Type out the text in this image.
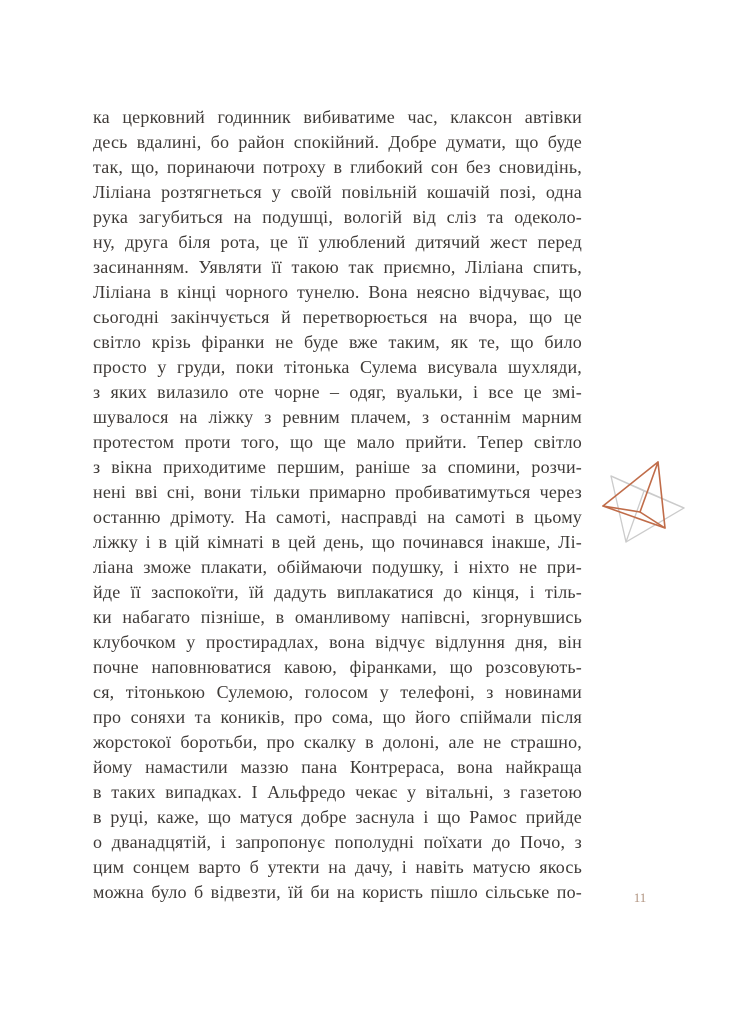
ка церковний годинник вибиватиме час, клаксон автівки
десь вдалині, бо район спокійний. Добре думати, що буде
так, що, поринаючи потроху в глибокий сон без сновидінь,
Ліліана розтягнеться у своїй повільній кошачій позі, одна
рука загубиться на подушці, вологій від сліз та одеколо-
ну, друга біля рота, це її улюблений дитячий жест перед
засинанням. Уявляти її такою так приємно, Ліліана спить,
Ліліана в кінці чорного тунелю. Вона неясно відчуває, що
сьогодні закінчується й перетворюється на вчора, що це
світло крізь фіранки не буде вже таким, як те, що било
просто у груди, поки тітонька Сулема висувала шухляди,
з яких вилазило оте чорне – одяг, вуальки, і все це змі-
шувалося на ліжку з ревним плачем, з останнім марним
протестом проти того, що ще мало прийти. Тепер світло
з вікна приходитиме першим, раніше за спомини, розчи-
нені вві сні, вони тільки примарно пробиватимуться через
останню дрімоту. На самоті, насправді на самоті в цьому
ліжку і в цій кімнаті в цей день, що починався інакше, Лі-
ліана зможе плакати, обіймаючи подушку, і ніхто не при-
йде її заспокоїти, їй дадуть виплакатися до кінця, і тіль-
ки набагато пізніше, в оманливому напівсні, згорнувшись
клубочком у простирадлах, вона відчує відлуння дня, він
почне наповнюватися кавою, фіранками, що розсовують-
ся, тітонькою Сулемою, голосом у телефоні, з новинами
про соняхи та коників, про сома, що його спіймали після
жорстокої боротьби, про скалку в долоні, але не страшно,
йому намастили маззю пана Контрераса, вона найкраща
в таких випадках. І Альфредо чекає у вітальні, з газетою
в руці, каже, що матуся добре заснула і що Рамос прийде
о дванадцятій, і запропонує пополудні поїхати до Почо, з
цим сонцем варто б утекти на дачу, і навіть матусю якось
можна було б відвезти, їй би на користь пішло сільське по-	11
